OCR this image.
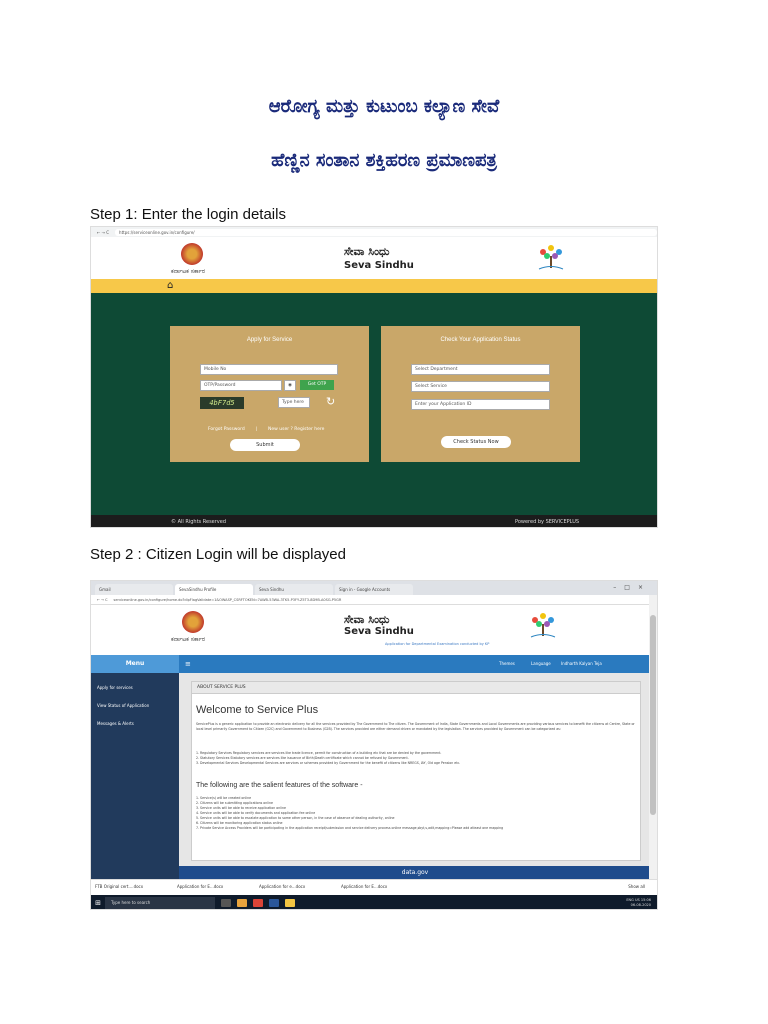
ಆರೋಗ್ಯ ಮತ್ತು ಕುಟುಂಬ ಕಲ್ಯಾಣ ಸೇವೆ
ಹೆಣ್ಣಿನ ಸಂತಾನ ಶಕ್ತಿಹರಣ ಪ್ರಮಾಣಪತ್ರ
Step 1: Enter the login details
← → C	https://serviceonline.gov.in/configure/
ಕರ್ನಾಟಕ ಸರ್ಕಾರ
ಸೇವಾ ಸಿಂಧು
Seva Sindhu
⌂
Apply for Service
Mobile No
OTP/Password	◉	Get OTP
4bF7d5	Type here	↻
Forgot Password | New user ? Register here
Submit
Check Your Application Status
Select Department
Select Service
Enter your Application ID
Check Status Now
© All Rights Reserved	Powered by SERVICEPLUS
Step 2 : Citizen Login will be displayed
Gmail	SevaSindhu Profile	Seva Sindhu	Sign in - Google Accounts	–□×
← → C serviceonline.gov.in/configure/home.do?dipFlagValidate=1&OWASP_CSRFTOKEN=7AWB-53WA-3TK5-P3FY-Z5T3-8D9B-A0SG-P5GR
ಕರ್ನಾಟಕ ಸರ್ಕಾರ
ಸೇವಾ ಸಿಂಧು
Seva Sindhu
Application for Departmental Examination conducted by KP
Menu	≡	Themes	Language	Indharth Kalyan Teja
Apply for services
View Status of Application
Messages & Alerts
ABOUT SERVICE PLUS
Welcome to Service Plus
ServicePlus is a generic application to provide an electronic delivery for all the services provided by The Government to The citizen. The Government of India, State Governments and Local Governments are providing various services to benefit the citizens at Centre, State or local level primarily Government to Citizen (G2C) and Government to Business (G2B). The services provided are either demand driven or mandated by the legislation. The services provided by Government can be categorized as:
1. Regulatory Services Regulatory services are services like trade licence, permit for construction of a building etc that are be denied by the government.
2. Statutory Services Statutory services are services like issuance of Birth/Death certificate which cannot be refused by Government.
3. Developmental Services Developmental Services are services or schemes provided by Government for the benefit of citizens like NREGS, IAY, Old age Pension etc.
The following are the salient features of the software -
1. Service(s) will be created online
2. Citizens will be submitting applications online
3. Service units will be able to receive application online
4. Service units will be able to verify documents and application fee online
5. Service units will be able to escalate application to some other person, in the case of absence of dealing authority, online
6. Citizens will be monitoring application status online
7. Private Service Access Providers will be participating in the application receipt/submission and service delivery process online message,sbyt,s,adit,mapping=Please add atleast one mapping
data.gov
FTB Original cert....docx	Application for E...docx	Application for e...docx	Application for E...docx	Show all
⊞	Type here to search	ENG US 15:06
06-08-2020
